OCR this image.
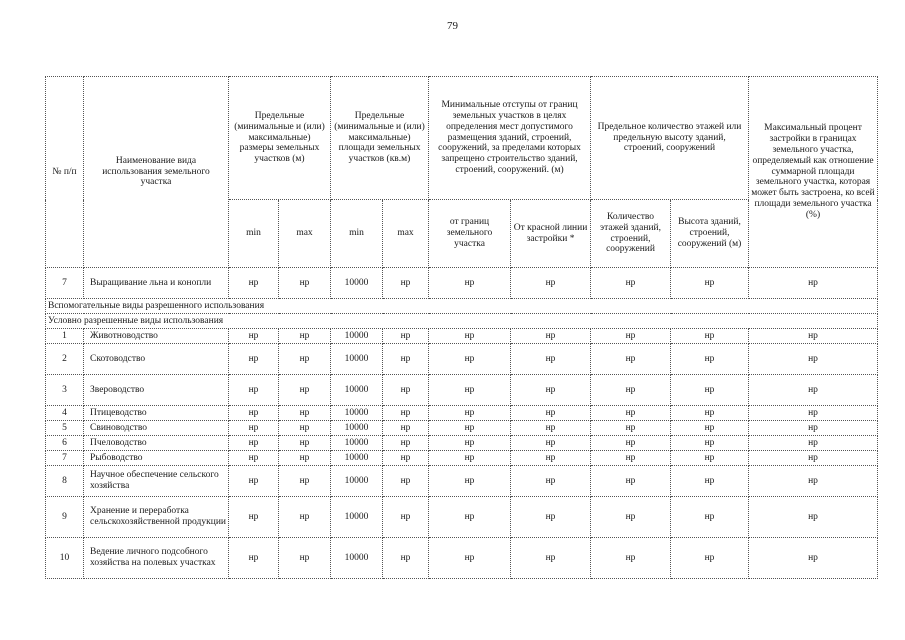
79
№ п/п	Наименование вида использования земельного участка	Предельные (минимальные и (или) максимальные) размеры земельных участков (м)		Предельные (минимальные и (или) максимальные) площади земельных участков (кв.м)		Минимальные отступы от границ земельных участков в целях определения мест допустимого размещения зданий, строений, сооружений, за пределами которых запрещено строительство зданий, строений, сооружений. (м)		Предельное количество этажей или предельную высоту зданий, строений, сооружений		Максимальный процент застройки в границах земельного участка, определяемый как отношение суммарной площади земельного участка, которая может быть застроена, ко всей площади земельного участка (%)
		min	max	min	max	от границ земельного участка	От красной линии застройки *	Количество этажей зданий, строений, сооружений	Высота зданий, строений, сооружений (м)	
7	Выращивание льна и конопли	нр	нр	10000	нр	нр	нр	нр	нр	нр
Вспомогательные виды разрешенного использования										
Условно разрешенные виды использования										
1	Животноводство	нр	нр	10000	нр	нр	нр	нр	нр	нр
2	Скотоводство	нр	нр	10000	нр	нр	нр	нр	нр	нр
3	Звероводство	нр	нр	10000	нр	нр	нр	нр	нр	нр
4	Птицеводство	нр	нр	10000	нр	нр	нр	нр	нр	нр
5	Свиноводство	нр	нр	10000	нр	нр	нр	нр	нр	нр
6	Пчеловодство	нр	нр	10000	нр	нр	нр	нр	нр	нр
7	Рыбоводство	нр	нр	10000	нр	нр	нр	нр	нр	нр
8	Научное обеспечение сельского хозяйства	нр	нр	10000	нр	нр	нр	нр	нр	нр
9	Хранение и переработка сельскохозяйственной продукции	нр	нр	10000	нр	нр	нр	нр	нр	нр
10	Ведение личного подсобного хозяйства на полевых участках	нр	нр	10000	нр	нр	нр	нр	нр	нр
